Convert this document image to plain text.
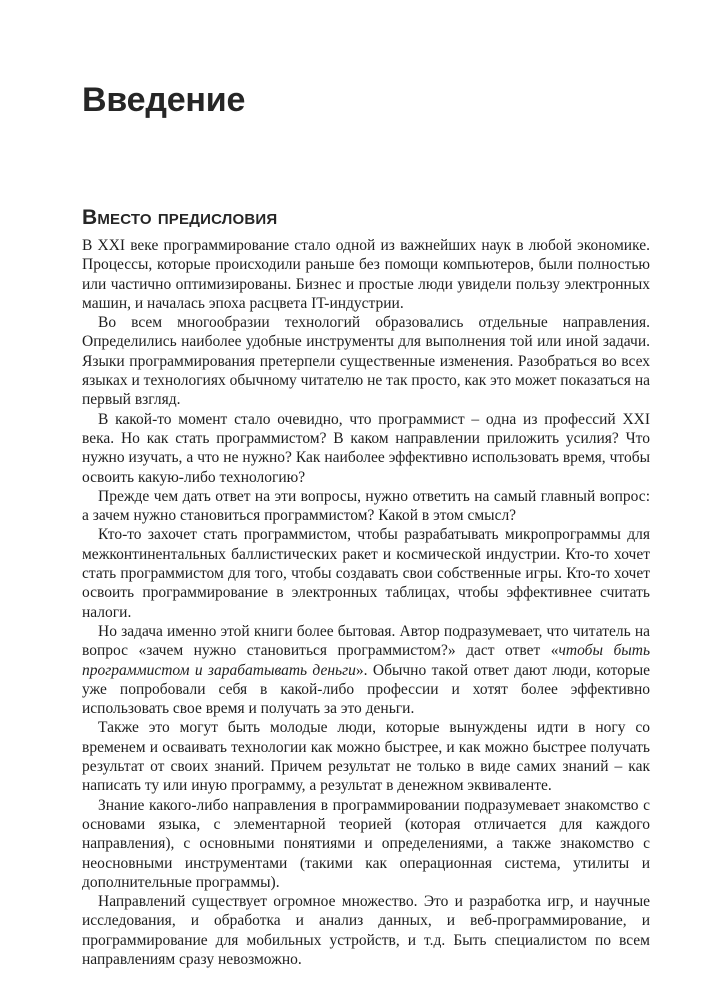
Введение
Вместо предисловия

В XXI веке программирование стало одной из важнейших наук в любой экономике. Процессы, которые происходили раньше без помощи компьютеров, были полностью или частично оптимизированы. Бизнес и простые люди увидели пользу электронных машин, и началась эпоха расцвета IT-индустрии.

Во всем многообразии технологий образовались отдельные направления. Определились наиболее удобные инструменты для выполнения той или иной задачи. Языки программирования претерпели существенные изменения. Разобраться во всех языках и технологиях обычному читателю не так просто, как это может показаться на первый взгляд.

В какой-то момент стало очевидно, что программист – одна из профессий XXI века. Но как стать программистом? В каком направлении приложить усилия? Что нужно изучать, а что не нужно? Как наиболее эффективно использовать время, чтобы освоить какую-либо технологию?

Прежде чем дать ответ на эти вопросы, нужно ответить на самый главный вопрос: а зачем нужно становиться программистом? Какой в этом смысл?

Кто-то захочет стать программистом, чтобы разрабатывать микропрограммы для межконтинентальных баллистических ракет и космической индустрии. Кто-то хочет стать программистом для того, чтобы создавать свои собственные игры. Кто-то хочет освоить программирование в электронных таблицах, чтобы эффективнее считать налоги.

Но задача именно этой книги более бытовая. Автор подразумевает, что читатель на вопрос «зачем нужно становиться программистом?» даст ответ «чтобы быть программистом и зарабатывать деньги». Обычно такой ответ дают люди, которые уже попробовали себя в какой-либо профессии и хотят более эффективно использовать свое время и получать за это деньги.

Также это могут быть молодые люди, которые вынуждены идти в ногу со временем и осваивать технологии как можно быстрее, и как можно быстрее получать результат от своих знаний. Причем результат не только в виде самих знаний – как написать ту или иную программу, а результат в денежном эквиваленте.

Знание какого-либо направления в программировании подразумевает знакомство с основами языка, с элементарной теорией (которая отличается для каждого направления), с основными понятиями и определениями, а также знакомство с неосновными инструментами (такими как операционная система, утилиты и дополнительные программы).

Направлений существует огромное множество. Это и разработка игр, и научные исследования, и обработка и анализ данных, и веб-программирование, и программирование для мобильных устройств, и т.д. Быть специалистом по всем направлениям сразу невозможно.
